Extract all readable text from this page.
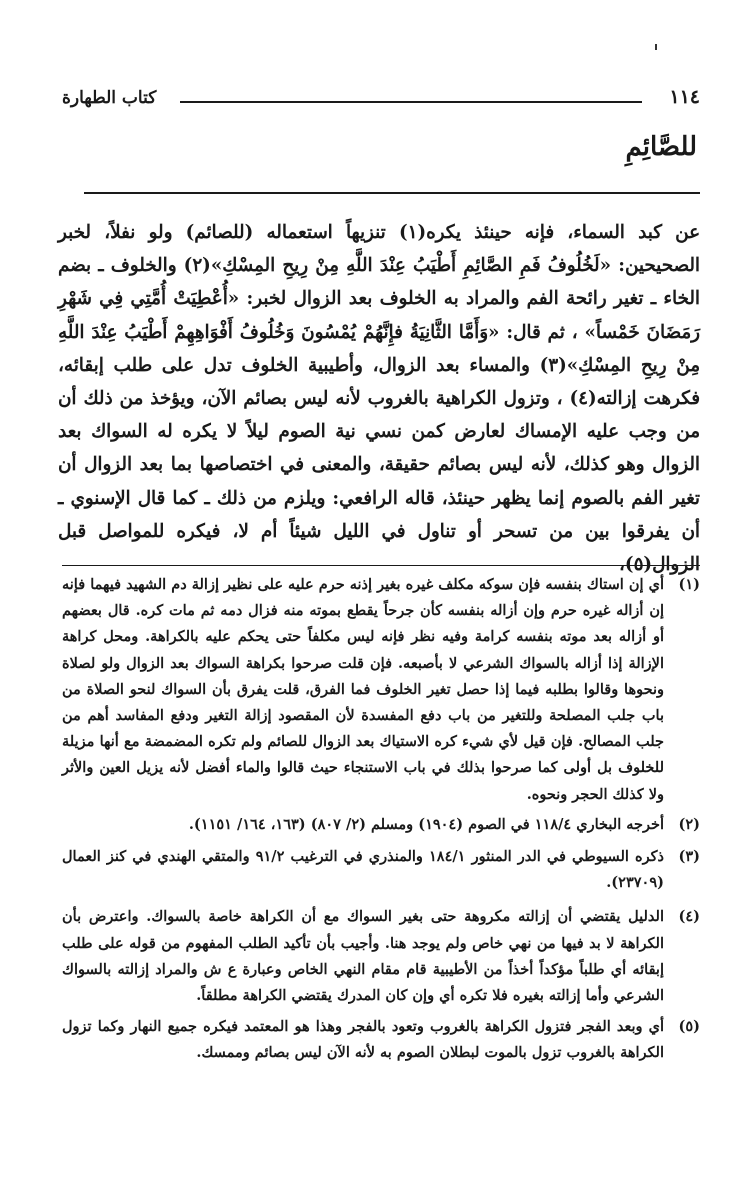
١١٤
كتاب الطهارة
للصَّائِمِ

عن كبد السماء، فإنه حينئذ يكره(١) تنزيهاً استعماله (للصائم) ولو نفلاً، لخبر الصحيحين: «لَخُلُوفُ فَمِ الصَّائِمِ أَطْيَبُ عِنْدَ اللَّهِ مِنْ رِيحِ المِسْكِ»(٢) والخلوف ـ بضم الخاء ـ تغير رائحة الفم والمراد به الخلوف بعد الزوال لخبر: «أُعْطِيَتْ أُمَّتِي فِي شَهْرِ رَمَضَانَ خَمْساً» ، ثم قال: «وَأَمَّا الثَّانِيَةُ فإِنَّهُمْ يُمْسُونَ وَخُلُوفُ أَفْوَاهِهِمْ أَطْيَبُ عِنْدَ اللَّهِ مِنْ رِيحِ المِسْكِ»(٣) والمساء بعد الزوال، وأطيبية الخلوف تدل على طلب إبقائه، فكرهت إزالته(٤) ، وتزول الكراهية بالغروب لأنه ليس بصائم الآن، ويؤخذ من ذلك أن من وجب عليه الإمساك لعارض كمن نسي نية الصوم ليلاً لا يكره له السواك بعد الزوال وهو كذلك، لأنه ليس بصائم حقيقة، والمعنى في اختصاصها بما بعد الزوال أن تغير الفم بالصوم إنما يظهر حينئذ، قاله الرافعي: ويلزم من ذلك ـ كما قال الإسنوي ـ أن يفرقوا بين من تسحر أو تناول في الليل شيئاً أم لا، فيكره للمواصل قبل الزوال(٥)،

(١)
أي إن استاك بنفسه فإن سوكه مكلف غيره بغير إذنه حرم عليه على نظير إزالة دم الشهيد فيهما فإنه إن أزاله غيره حرم وإن أزاله بنفسه كأن جرحاً يقطع بموته منه فزال دمه ثم مات كره. قال بعضهم أو أزاله بعد موته بنفسه كرامة وفيه نظر فإنه ليس مكلفاً حتى يحكم عليه بالكراهة. ومحل كراهة الإزالة إذا أزاله بالسواك الشرعي لا بأصبعه. فإن قلت صرحوا بكراهة السواك بعد الزوال ولو لصلاة ونحوها وقالوا بطلبه فيما إذا حصل تغير الخلوف فما الفرق، قلت يفرق بأن السواك لنحو الصلاة من باب جلب المصلحة وللتغير من باب دفع المفسدة لأن المقصود إزالة التغير ودفع المفاسد أهم من جلب المصالح. فإن قيل لأي شيء كره الاستياك بعد الزوال للصائم ولم تكره المضمضة مع أنها مزيلة للخلوف بل أولى كما صرحوا بذلك في باب الاستنجاء حيث قالوا والماء أفضل لأنه يزيل العين والأثر ولا كذلك الحجر ونحوه.
(٢)
أخرجه البخاري ١١٨/٤ في الصوم (١٩٠٤) ومسلم (٢/ ٨٠٧) (١٦٣، ١٦٤/ ١١٥١).
(٣)
ذكره السيوطي في الدر المنثور ١٨٤/١ والمنذري في الترغيب ٩١/٢ والمتقي الهندي في كنز العمال (٢٣٧٠٩).
(٤)
الدليل يقتضي أن إزالته مكروهة حتى بغير السواك مع أن الكراهة خاصة بالسواك. واعترض بأن الكراهة لا بد فيها من نهي خاص ولم يوجد هنا. وأجيب بأن تأكيد الطلب المفهوم من قوله على طلب إبقائه أي طلباً مؤكداً أخذاً من الأطيبية قام مقام النهي الخاص وعبارة ع ش والمراد إزالته بالسواك الشرعي وأما إزالته بغيره فلا تكره أي وإن كان المدرك يقتضي الكراهة مطلقاً.
(٥)
أي وبعد الفجر فتزول الكراهة بالغروب وتعود بالفجر وهذا هو المعتمد فيكره جميع النهار وكما تزول الكراهة بالغروب تزول بالموت لبطلان الصوم به لأنه الآن ليس بصائم وممسك.
